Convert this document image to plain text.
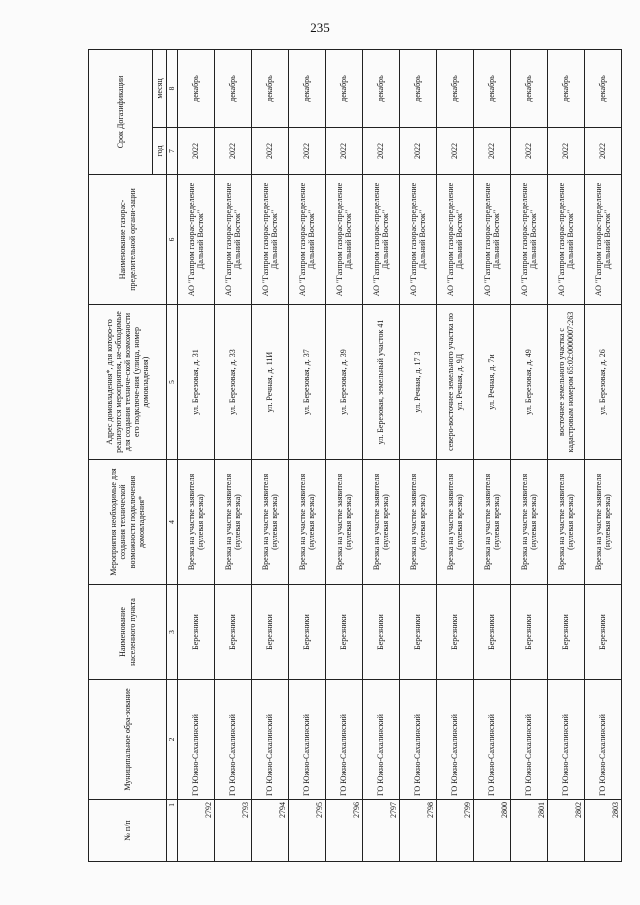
235
№ п/п	Муниципальное обра-зование	Наименование населенного пункта	Мероприятия необходимые для создания технической возможности подключения домовладения*	Адрес домовладения*, для которо-го реализуются мероприятия, не-обходимые для создания техниче-ской возможности его подключе-ния (улица, номер домовладения)	Наименование газорас-пределительной органи-зации	Срок Догазификации	
						год	месяц
1	2	3	4	5	6	7	8
2792	ГО Южно-Сахалинский	Березники	Врезка на участке заявителя (нулевая врезка)	ул. Березовая, д. 31	АО "Газпром газорас-пределение Дальний Восток"	2022	декабрь
2793	ГО Южно-Сахалинский	Березники	Врезка на участке заявителя (нулевая врезка)	ул. Березовая, д. 33	АО "Газпром газорас-пределение Дальний Восток"	2022	декабрь
2794	ГО Южно-Сахалинский	Березники	Врезка на участке заявителя (нулевая врезка)	ул. Речная, д. 11И	АО "Газпром газорас-пределение Дальний Восток"	2022	декабрь
2795	ГО Южно-Сахалинский	Березники	Врезка на участке заявителя (нулевая врезка)	ул. Березовая, д. 37	АО "Газпром газорас-пределение Дальний Восток"	2022	декабрь
2796	ГО Южно-Сахалинский	Березники	Врезка на участке заявителя (нулевая врезка)	ул. Березовая, д. 39	АО "Газпром газорас-пределение Дальний Восток"	2022	декабрь
2797	ГО Южно-Сахалинский	Березники	Врезка на участке заявителя (нулевая врезка)	ул. Березовая, земельный участок 41	АО "Газпром газорас-пределение Дальний Восток"	2022	декабрь
2798	ГО Южно-Сахалинский	Березники	Врезка на участке заявителя (нулевая врезка)	ул. Речная, д. 17 3	АО "Газпром газорас-пределение Дальний Восток"	2022	декабрь
2799	ГО Южно-Сахалинский	Березники	Врезка на участке заявителя (нулевая врезка)	северо-восточнее земельного участка по ул. Речная, д. 9Д	АО "Газпром газорас-пределение Дальний Восток"	2022	декабрь
2800	ГО Южно-Сахалинский	Березники	Врезка на участке заявителя (нулевая врезка)	ул. Речная, д. 7и	АО "Газпром газорас-пределение Дальний Восток"	2022	декабрь
2801	ГО Южно-Сахалинский	Березники	Врезка на участке заявителя (нулевая врезка)	ул. Березовая, д. 49	АО "Газпром газорас-пределение Дальний Восток"	2022	декабрь
2802	ГО Южно-Сахалинский	Березники	Врезка на участке заявителя (нулевая врезка)	восточнее земельного участка с кадастровым номером 65:02:0000007:263	АО "Газпром газорас-пределение Дальний Восток"	2022	декабрь
2803	ГО Южно-Сахалинский	Березники	Врезка на участке заявителя (нулевая врезка)	ул. Березовая, д. 26	АО "Газпром газорас-пределение Дальний Восток"	2022	декабрь
